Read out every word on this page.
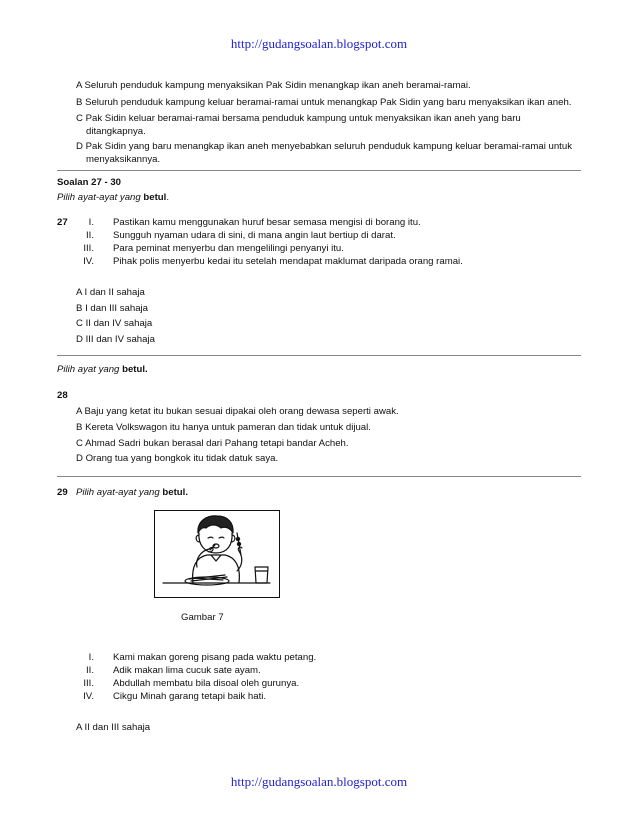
http://gudangsoalan.blogspot.com
A Seluruh penduduk kampung menyaksikan Pak Sidin menangkap ikan aneh beramai-ramai.
B Seluruh penduduk kampung keluar beramai-ramai untuk menangkap Pak Sidin yang baru menyaksikan ikan aneh.
C Pak Sidin keluar beramai-ramai bersama penduduk kampung untuk menyaksikan ikan aneh yang baru
ditangkapnya.
D Pak Sidin yang baru menangkap ikan aneh menyebabkan seluruh penduduk kampung keluar beramai-ramai untuk
menyaksikannya.
Soalan 27 - 30
Pilih ayat-ayat yang betul.
27	I. Pastikan kamu menggunakan huruf besar semasa mengisi di borang itu.
II. Sungguh nyaman udara di sini, di mana angin laut bertiup di darat.
III. Para peminat menyerbu dan mengelilingi penyanyi itu.
IV. Pihak polis menyerbu kedai itu setelah mendapat maklumat daripada orang ramai.
A I dan II sahaja
B I dan III sahaja
C II dan IV sahaja
D III dan IV sahaja
Pilih ayat yang betul.
28
A Baju yang ketat itu bukan sesuai dipakai oleh orang dewasa seperti awak.
B Kereta Volkswagon itu hanya untuk pameran dan tidak untuk dijual.
C Ahmad Sadri bukan berasal dari Pahang tetapi bandar Acheh.
D Orang tua yang bongkok itu tidak datuk saya.
29 Pilih ayat-ayat yang betul.
Gambar 7
I. Kami makan goreng pisang pada waktu petang.
II. Adik makan lima cucuk sate ayam.
III. Abdullah membatu bila disoal oleh gurunya.
IV. Cikgu Minah garang tetapi baik hati.
A II dan III sahaja
http://gudangsoalan.blogspot.com
